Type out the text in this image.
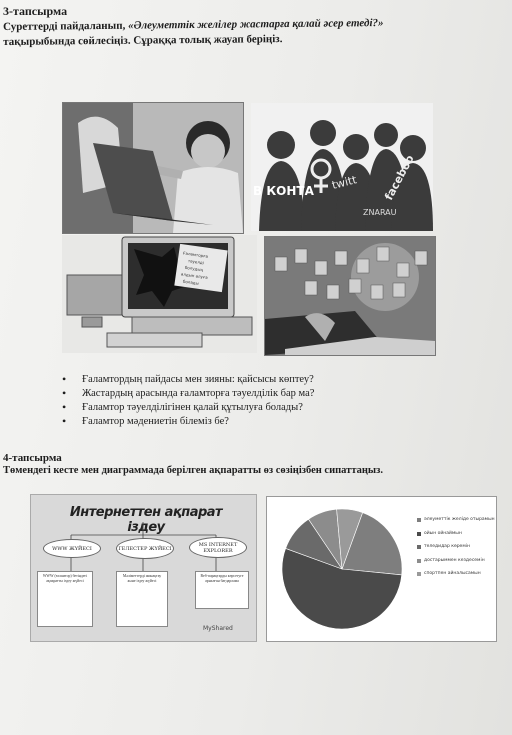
3-тапсырма
Суреттерді пайдаланып, «Әлеуметтік желілер жастарға қалай әсер етеді?»
тақырыбында сөйлесіңіз. Сұраққа толық жауап беріңіз.
В КОНТА twitt faceboo
ZNARAU
Ғаламторға
тәуелді
болудың
алдын алуға
болады
• Ғаламтордың пайдасы мен зияны: қайсысы көптеу?
• Жастардың арасында ғаламторға тәуелділік бар ма?
• Ғаламтор тәуелділігінен қалай құтылуға болады?
• Ғаламтор мәдениетін білеміз бе?
4-тапсырма
Төмендегі кесте мен диаграммада берілген ақпаратты өз сөзіңізбен сипаттаңыз.
Интернеттен ақпарат іздеу
WWW ЖҮЙЕСІ	ГЕЛЕСТЕР ЖҮЙЕСІ
MS INTERNET EXPLORER
WWW (ғаламтор) бетіндегі ақпаратты іздеу жүйесі
Мәліметтерді жинақтау және іздеу жүйесі
Веб-парақтарды көрсетуге арналған бағдарлама
MyShared
әлеуметтік желіде отырамын
ойын ойнаймын
теледидар көремін
достарыммен кездесемін
спортпен айналысамын
